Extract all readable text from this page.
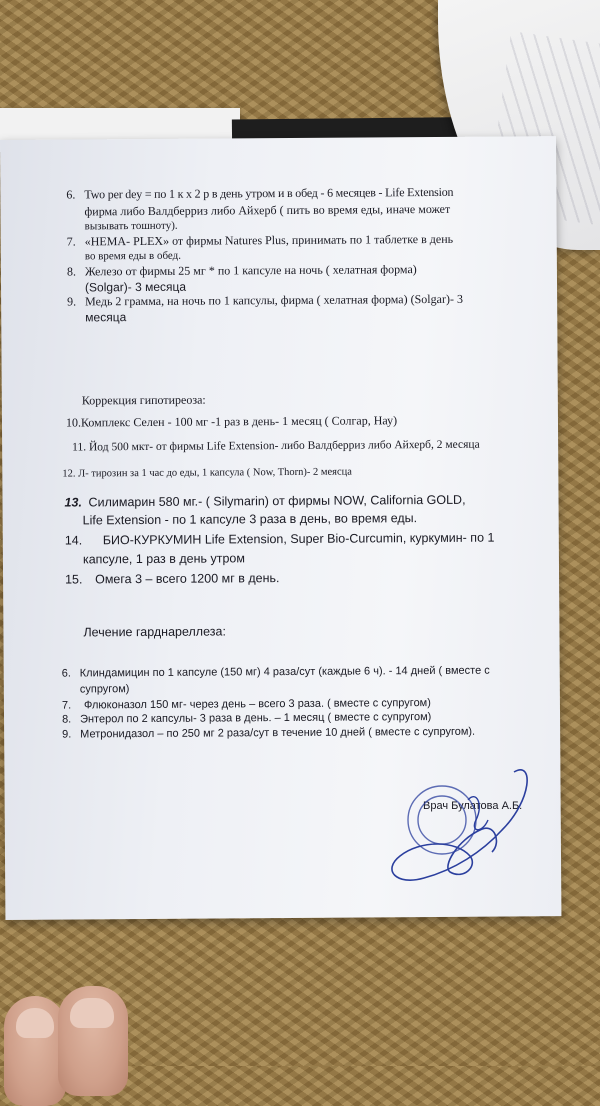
6. Two per dey = по 1 к х 2 р в день утром и в обед - 6 месяцев - Life Extension
фирма либо Валдберриз либо Айхерб ( пить во время еды, иначе может
вызывать тошноту).
7. «HEMA- PLEX» от фирмы Natures Plus, принимать по 1 таблетке в день
во время еды в обед.
8. Железо от фирмы 25 мг * по 1 капсуле на ночь ( хелатная форма)
(Solgar)- 3 месяца
9. Медь 2 грамма, на ночь по 1 капсулы, фирма ( хелатная форма) (Solgar)- 3
месяца
Коррекция гипотиреоза:
10.Комплекс Селен - 100 мг -1 раз в день- 1 месяц ( Солгар, Нау)
11. Йод 500 мкт- от фирмы Life Extension- либо Валдберриз либо Айхерб, 2 месяца
12. Л- тирозин за 1 час до еды, 1 капсула ( Now, Thorn)- 2 меясца
13. Силимарин 580 мг.- ( Silymarin) от фирмы NOW, California GOLD,
Life Extension - по 1 капсуле 3 раза в день, во время еды.
14. БИО-КУРКУМИН Life Extension, Super Bio-Curcumin, куркумин- по 1
капсуле, 1 раз в день утром
15. Омега 3 – всего 1200 мг в день.
Лечение гарднареллеза:
6. Клиндамицин по 1 капсуле (150 мг) 4 раза/сут (каждые 6 ч). - 14 дней ( вместе с
супругом)
7. Флюконазол 150 мг- через день – всего 3 раза. ( вместе с супругом)
8. Энтерол по 2 капсулы- 3 раза в день. – 1 месяц ( вместе с супругом)
9. Метронидазол – по 250 мг 2 раза/сут в течение 10 дней ( вместе с супругом).
Врач Булатова А.Б.
